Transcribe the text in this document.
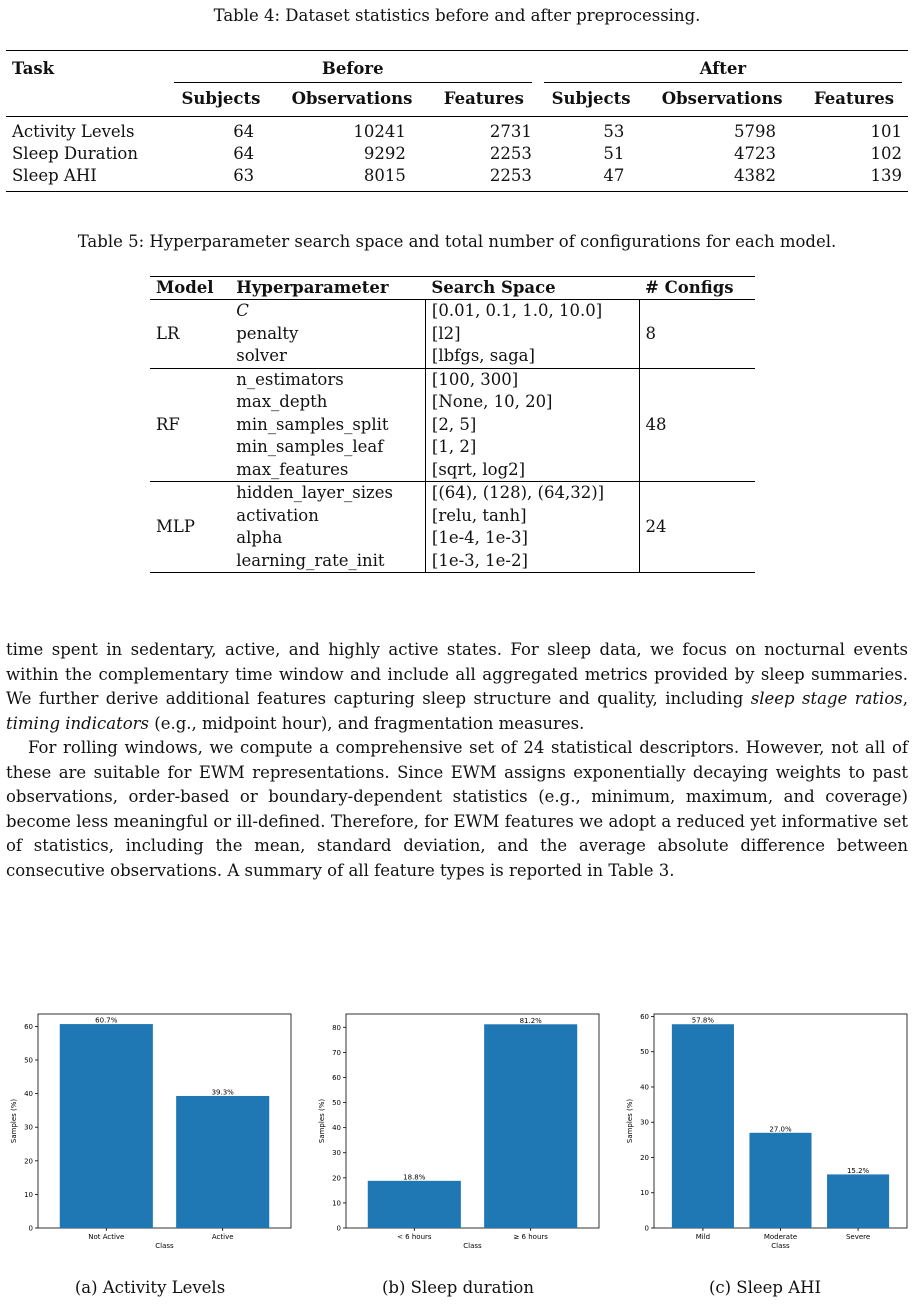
Table 4: Dataset statistics before and after preprocessing.
Task	Before			After		

	Subjects	Observations	Features	Subjects	Observations	Features
Activity Levels	64	10241	2731	53	5798	101
Sleep Duration	64	9292	2253	51	4723	102
Sleep AHI	63	8015	2253	47	4382	139
Table 5: Hyperparameter search space and total number of configurations for each model.
Model	Hyperparameter	Search Space	# Configs
LR	C	[0.01, 0.1, 1.0, 10.0]	8
	penalty	[l2]	
	solver	[lbfgs, saga]	
RF	n_estimators	[100, 300]	48
	max_depth	[None, 10, 20]	
	min_samples_split	[2, 5]	
	min_samples_leaf	[1, 2]	
	max_features	[sqrt, log2]	
MLP	hidden_layer_sizes	[(64), (128), (64,32)]	24
	activation	[relu, tanh]	
	alpha	[1e-4, 1e-3]	
	learning_rate_init	[1e-3, 1e-2]	

time spent in sedentary, active, and highly active states. For sleep data, we focus on nocturnal events within the complementary time window and include all aggregated metrics provided by sleep summaries. We further derive additional features capturing sleep structure and quality, including sleep stage ratios, timing indicators (e.g., midpoint hour), and fragmentation measures.

For rolling windows, we compute a comprehensive set of 24 statistical descriptors. However, not all of these are suitable for EWM representations. Since EWM assigns exponentially decaying weights to past observations, order-based or boundary-dependent statistics (e.g., minimum, maximum, and coverage) become less meaningful or ill-defined. Therefore, for EWM features we adopt a reduced yet informative set of statistics, including the mean, standard deviation, and the average absolute difference between consecutive observations. A summary of all feature types is reported in Table 3.

0
10
20
30
40
50
60
60.7%
Not Active
39.3%
Active
Class
Samples (%)
0
10
20
30
40
50
60
70
80
18.8%
< 6 hours
81.2%
≥ 6 hours
Class
Samples (%)
0
10
20
30
40
50
60	57.8%
Mild
27.0%
Moderate
15.2%
Severe
Class
Samples (%)
(a) Activity Levels	(b) Sleep duration	(c) Sleep AHI
